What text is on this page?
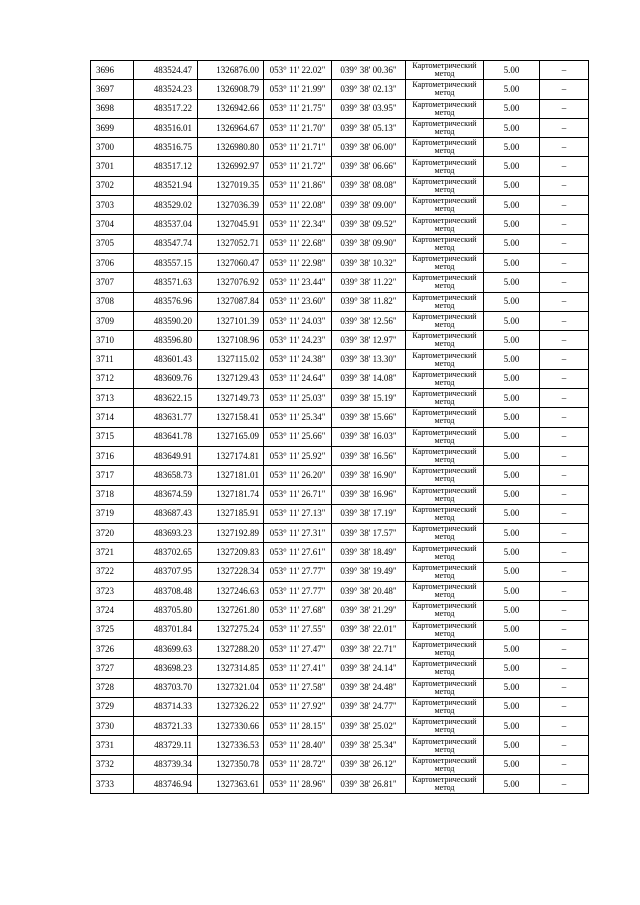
3696	483524.47	1326876.00	053° 11' 22.02"	039° 38' 00.36"	Картометрический метод	5.00	–
3697	483524.23	1326908.79	053° 11' 21.99"	039° 38' 02.13"	Картометрический метод	5.00	–
3698	483517.22	1326942.66	053° 11' 21.75"	039° 38' 03.95"	Картометрический метод	5.00	–
3699	483516.01	1326964.67	053° 11' 21.70"	039° 38' 05.13"	Картометрический метод	5.00	–
3700	483516.75	1326980.80	053° 11' 21.71"	039° 38' 06.00"	Картометрический метод	5.00	–
3701	483517.12	1326992.97	053° 11' 21.72"	039° 38' 06.66"	Картометрический метод	5.00	–
3702	483521.94	1327019.35	053° 11' 21.86"	039° 38' 08.08"	Картометрический метод	5.00	–
3703	483529.02	1327036.39	053° 11' 22.08"	039° 38' 09.00"	Картометрический метод	5.00	–
3704	483537.04	1327045.91	053° 11' 22.34"	039° 38' 09.52"	Картометрический метод	5.00	–
3705	483547.74	1327052.71	053° 11' 22.68"	039° 38' 09.90"	Картометрический метод	5.00	–
3706	483557.15	1327060.47	053° 11' 22.98"	039° 38' 10.32"	Картометрический метод	5.00	–
3707	483571.63	1327076.92	053° 11' 23.44"	039° 38' 11.22"	Картометрический метод	5.00	–
3708	483576.96	1327087.84	053° 11' 23.60"	039° 38' 11.82"	Картометрический метод	5.00	–
3709	483590.20	1327101.39	053° 11' 24.03"	039° 38' 12.56"	Картометрический метод	5.00	–
3710	483596.80	1327108.96	053° 11' 24.23"	039° 38' 12.97"	Картометрический метод	5.00	–
3711	483601.43	1327115.02	053° 11' 24.38"	039° 38' 13.30"	Картометрический метод	5.00	–
3712	483609.76	1327129.43	053° 11' 24.64"	039° 38' 14.08"	Картометрический метод	5.00	–
3713	483622.15	1327149.73	053° 11' 25.03"	039° 38' 15.19"	Картометрический метод	5.00	–
3714	483631.77	1327158.41	053° 11' 25.34"	039° 38' 15.66"	Картометрический метод	5.00	–
3715	483641.78	1327165.09	053° 11' 25.66"	039° 38' 16.03"	Картометрический метод	5.00	–
3716	483649.91	1327174.81	053° 11' 25.92"	039° 38' 16.56"	Картометрический метод	5.00	–
3717	483658.73	1327181.01	053° 11' 26.20"	039° 38' 16.90"	Картометрический метод	5.00	–
3718	483674.59	1327181.74	053° 11' 26.71"	039° 38' 16.96"	Картометрический метод	5.00	–
3719	483687.43	1327185.91	053° 11' 27.13"	039° 38' 17.19"	Картометрический метод	5.00	–
3720	483693.23	1327192.89	053° 11' 27.31"	039° 38' 17.57"	Картометрический метод	5.00	–
3721	483702.65	1327209.83	053° 11' 27.61"	039° 38' 18.49"	Картометрический метод	5.00	–
3722	483707.95	1327228.34	053° 11' 27.77"	039° 38' 19.49"	Картометрический метод	5.00	–
3723	483708.48	1327246.63	053° 11' 27.77"	039° 38' 20.48"	Картометрический метод	5.00	–
3724	483705.80	1327261.80	053° 11' 27.68"	039° 38' 21.29"	Картометрический метод	5.00	–
3725	483701.84	1327275.24	053° 11' 27.55"	039° 38' 22.01"	Картометрический метод	5.00	–
3726	483699.63	1327288.20	053° 11' 27.47"	039° 38' 22.71"	Картометрический метод	5.00	–
3727	483698.23	1327314.85	053° 11' 27.41"	039° 38' 24.14"	Картометрический метод	5.00	–
3728	483703.70	1327321.04	053° 11' 27.58"	039° 38' 24.48"	Картометрический метод	5.00	–
3729	483714.33	1327326.22	053° 11' 27.92"	039° 38' 24.77"	Картометрический метод	5.00	–
3730	483721.33	1327330.66	053° 11' 28.15"	039° 38' 25.02"	Картометрический метод	5.00	–
3731	483729.11	1327336.53	053° 11' 28.40"	039° 38' 25.34"	Картометрический метод	5.00	–
3732	483739.34	1327350.78	053° 11' 28.72"	039° 38' 26.12"	Картометрический метод	5.00	–
3733	483746.94	1327363.61	053° 11' 28.96"	039° 38' 26.81"	Картометрический метод	5.00	–
